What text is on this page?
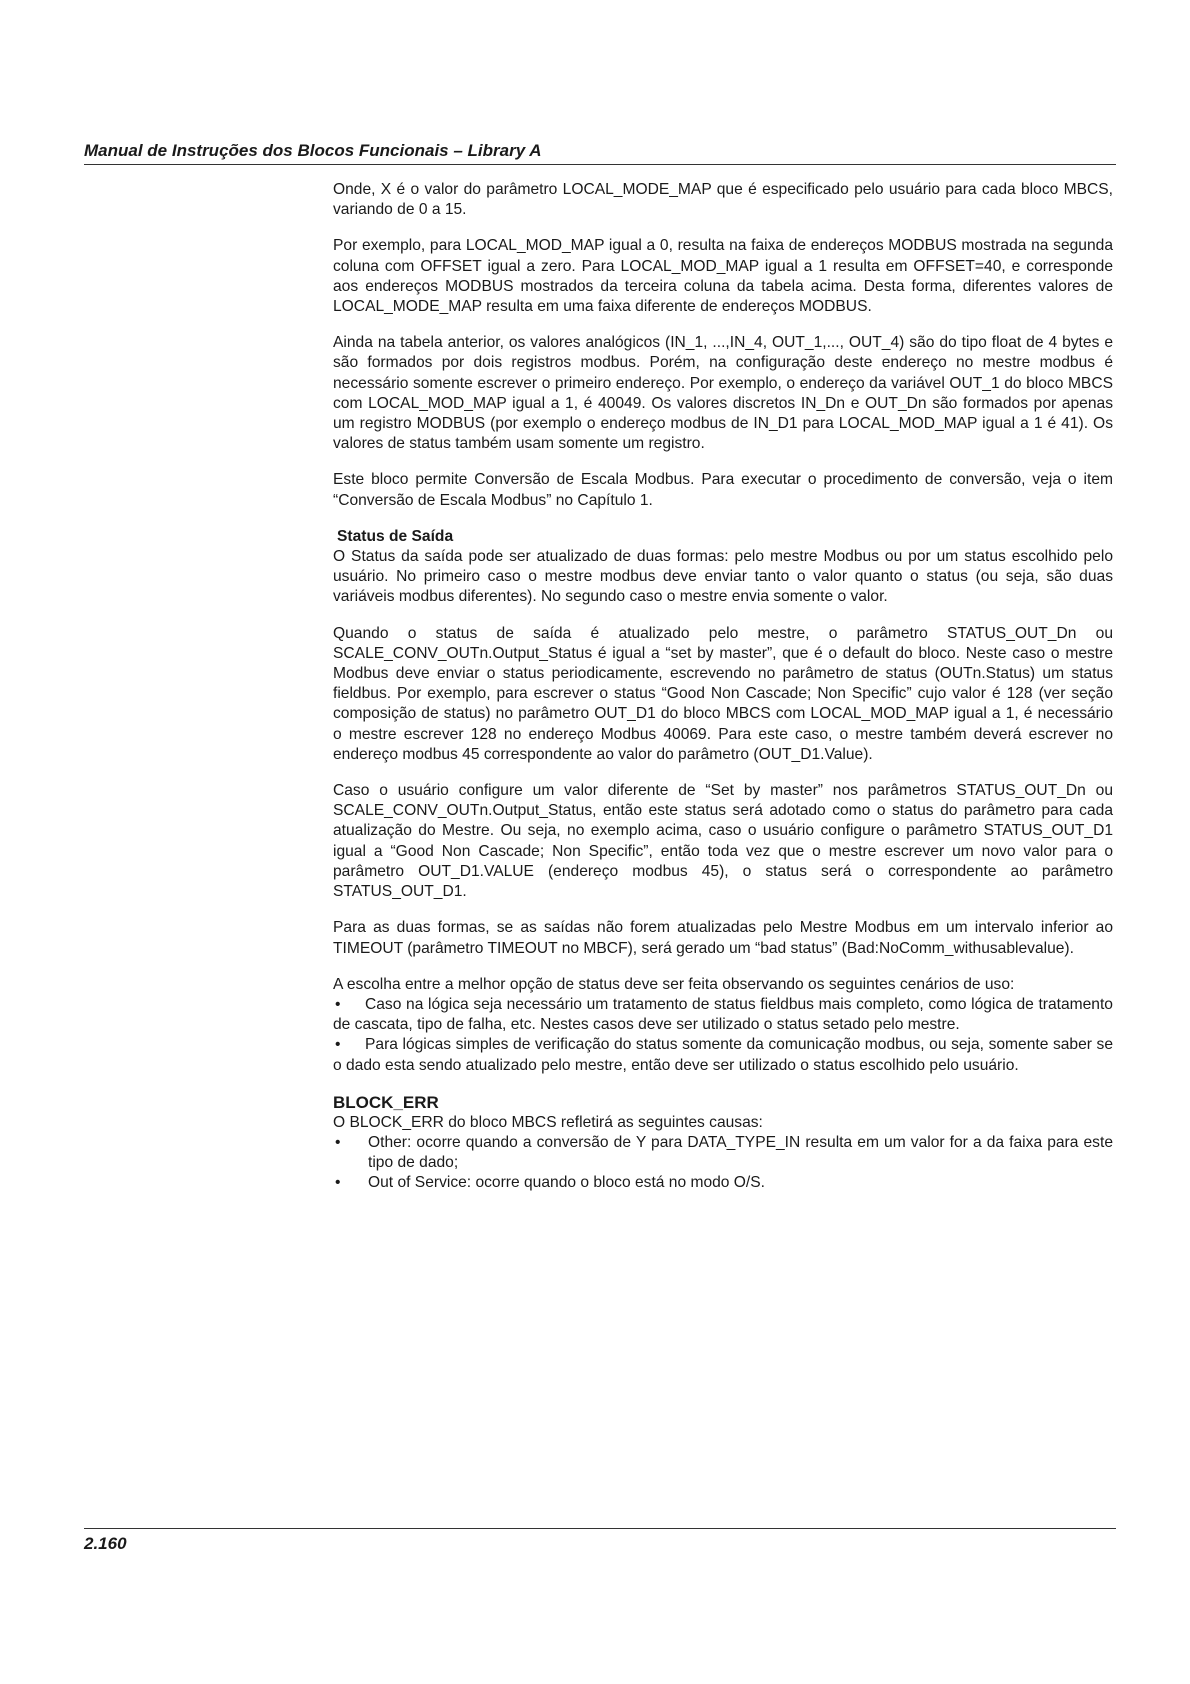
Manual de Instruções dos Blocos Funcionais – Library A

Onde, X é o valor do parâmetro LOCAL_MODE_MAP que é especificado pelo usuário para cada bloco MBCS, variando de 0 a 15.

Por exemplo, para LOCAL_MOD_MAP igual a 0, resulta na faixa de endereços MODBUS mostrada na segunda coluna com OFFSET igual a zero. Para LOCAL_MOD_MAP igual a 1 resulta em OFFSET=40, e corresponde aos endereços MODBUS mostrados da terceira coluna da tabela acima. Desta forma, diferentes valores de LOCAL_MODE_MAP resulta em uma faixa diferente de endereços MODBUS.

Ainda na tabela anterior, os valores analógicos (IN_1, ...,IN_4, OUT_1,..., OUT_4) são do tipo float de 4 bytes e são formados por dois registros modbus. Porém, na configuração deste endereço no mestre modbus é necessário somente escrever o primeiro endereço. Por exemplo, o endereço da variável OUT_1 do bloco MBCS com LOCAL_MOD_MAP igual a 1, é 40049. Os valores discretos IN_Dn e OUT_Dn são formados por apenas um registro MODBUS (por exemplo o endereço modbus de IN_D1 para LOCAL_MOD_MAP igual a 1 é 41). Os valores de status também usam somente um registro.

Este bloco permite Conversão de Escala Modbus. Para executar o procedimento de conversão, veja o item “Conversão de Escala Modbus” no Capítulo 1.

Status de Saída

O Status da saída pode ser atualizado de duas formas: pelo mestre Modbus ou por um status escolhido pelo usuário. No primeiro caso o mestre modbus deve enviar tanto o valor quanto o status (ou seja, são duas variáveis modbus diferentes). No segundo caso o mestre envia somente o valor.

Quando o status de saída é atualizado pelo mestre, o parâmetro STATUS_OUT_Dn ou SCALE_CONV_OUTn.Output_Status é igual a “set by master”, que é o default do bloco. Neste caso o mestre Modbus deve enviar o status periodicamente, escrevendo no parâmetro de status (OUTn.Status) um status fieldbus. Por exemplo, para escrever o status “Good Non Cascade; Non Specific” cujo valor é 128 (ver seção composição de status) no parâmetro OUT_D1 do bloco MBCS com LOCAL_MOD_MAP igual a 1, é necessário o mestre escrever 128 no endereço Modbus 40069. Para este caso, o mestre também deverá escrever no endereço modbus 45 correspondente ao valor do parâmetro (OUT_D1.Value).

Caso o usuário configure um valor diferente de “Set by master” nos parâmetros STATUS_OUT_Dn ou SCALE_CONV_OUTn.Output_Status, então este status será adotado como o status do parâmetro para cada atualização do Mestre. Ou seja, no exemplo acima, caso o usuário configure o parâmetro STATUS_OUT_D1 igual a “Good Non Cascade; Non Specific”, então toda vez que o mestre escrever um novo valor para o parâmetro OUT_D1.VALUE (endereço modbus 45), o status será o correspondente ao parâmetro STATUS_OUT_D1.

Para as duas formas, se as saídas não forem atualizadas pelo Mestre Modbus em um intervalo inferior ao TIMEOUT (parâmetro TIMEOUT no MBCF), será gerado um “bad status” (Bad:NoComm_withusablevalue).

A escolha entre a melhor opção de status deve ser feita observando os seguintes cenários de uso:

• Caso na lógica seja necessário um tratamento de status fieldbus mais completo, como lógica de tratamento de cascata, tipo de falha, etc. Nestes casos deve ser utilizado o status setado pelo mestre.
• Para lógicas simples de verificação do status somente da comunicação modbus, ou seja, somente saber se o dado esta sendo atualizado pelo mestre, então deve ser utilizado o status escolhido pelo usuário.
BLOCK_ERR

O BLOCK_ERR do bloco MBCS refletirá as seguintes causas:

• Other: ocorre quando a conversão de Y para DATA_TYPE_IN resulta em um valor for a da faixa para este tipo de dado;
• Out of Service: ocorre quando o bloco está no modo O/S.
2.160
